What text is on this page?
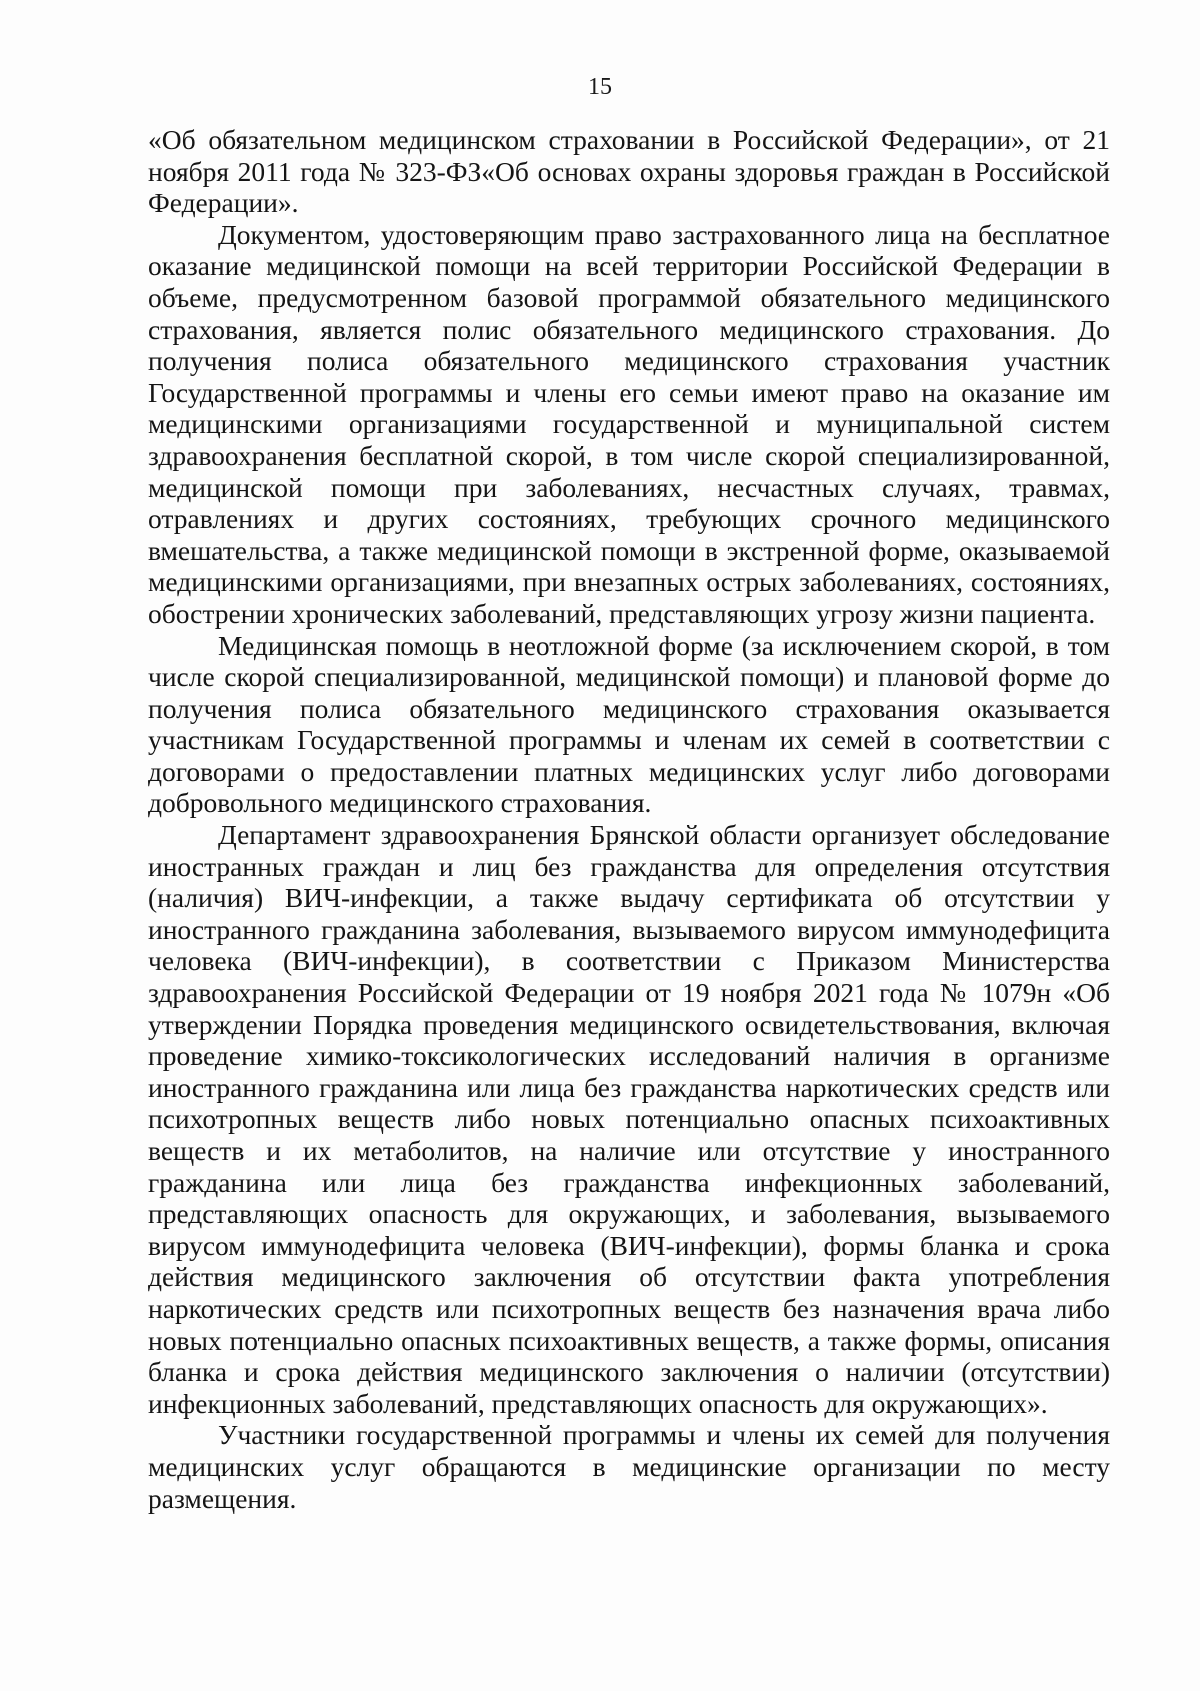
15

«Об обязательном медицинском страховании в Российской Федерации», от 21 ноября 2011 года № 323-ФЗ«Об основах охраны здоровья граждан в Российской Федерации».

Документом, удостоверяющим право застрахованного лица на бесплатное оказание медицинской помощи на всей территории Российской Федерации в объеме, предусмотренном базовой программой обязательного медицинского страхования, является полис обязательного медицинского страхования. До получения полиса обязательного медицинского страхования участник Государственной программы и члены его семьи имеют право на оказание им медицинскими организациями государственной и муниципальной систем здравоохранения бесплатной скорой, в том числе скорой специализированной, медицинской помощи при заболеваниях, несчастных случаях, травмах, отравлениях и других состояниях, требующих срочного медицинского вмешательства, а также медицинской помощи в экстренной форме, оказываемой медицинскими организациями, при внезапных острых заболеваниях, состояниях, обострении хронических заболеваний, представляющих угрозу жизни пациента.

Медицинская помощь в неотложной форме (за исключением скорой, в том числе скорой специализированной, медицинской помощи) и плановой форме до получения полиса обязательного медицинского страхования оказывается участникам Государственной программы и членам их семей в соответствии с договорами о предоставлении платных медицинских услуг либо договорами добровольного медицинского страхования.

Департамент здравоохранения Брянской области организует обследование иностранных граждан и лиц без гражданства для определения отсутствия (наличия) ВИЧ-инфекции, а также выдачу сертификата об отсутствии у иностранного гражданина заболевания, вызываемого вирусом иммунодефицита человека (ВИЧ-инфекции), в соответствии с Приказом Министерства здравоохранения Российской Федерации от 19 ноября 2021 года № 1079н «Об утверждении Порядка проведения медицинского освидетельствования, включая проведение химико-токсикологических исследований наличия в организме иностранного гражданина или лица без гражданства наркотических средств или психотропных веществ либо новых потенциально опасных психоактивных веществ и их метаболитов, на наличие или отсутствие у иностранного гражданина или лица без гражданства инфекционных заболеваний, представляющих опасность для окружающих, и заболевания, вызываемого вирусом иммунодефицита человека (ВИЧ-инфекции), формы бланка и срока действия медицинского заключения об отсутствии факта употребления наркотических средств или психотропных веществ без назначения врача либо новых потенциально опасных психоактивных веществ, а также формы, описания бланка и срока действия медицинского заключения о наличии (отсутствии) инфекционных заболеваний, представляющих опасность для окружающих».

Участники государственной программы и члены их семей для получения медицинских услуг обращаются в медицинские организации по месту размещения.
